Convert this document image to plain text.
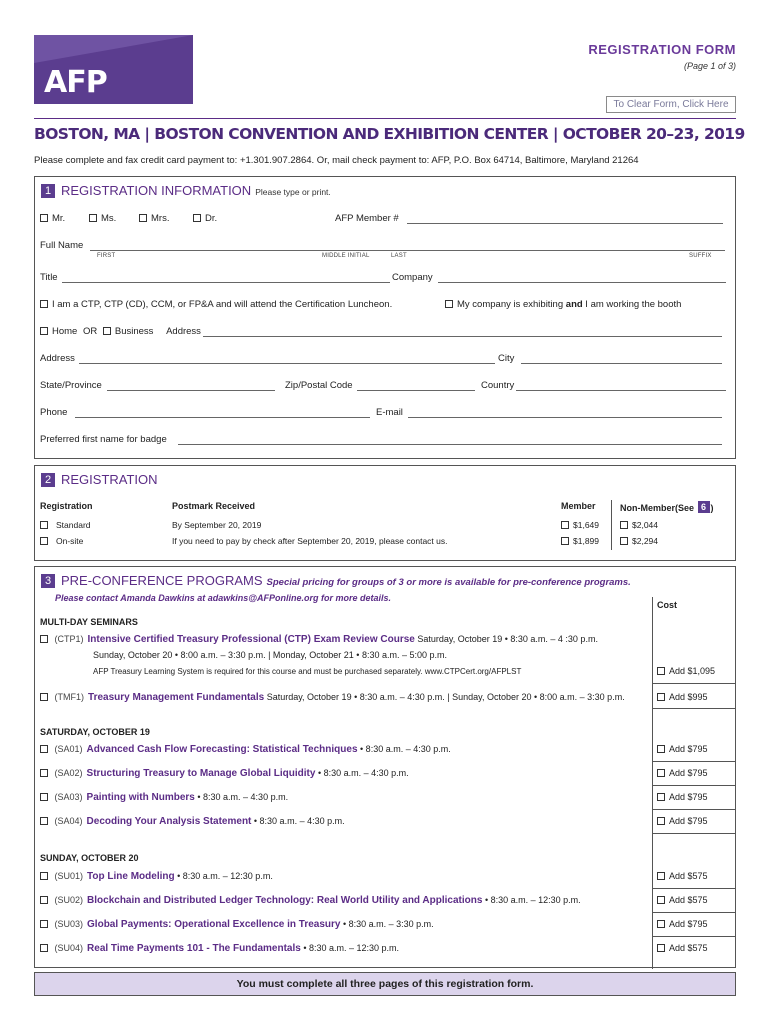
AFP 2019
REGISTRATION FORM
(Page 1 of 3)
To Clear Form, Click Here
BOSTON, MA | BOSTON CONVENTION AND EXHIBITION CENTER | OCTOBER 20–23, 2019
Please complete and fax credit card payment to: +1.301.907.2864. Or, mail check payment to: AFP, P.O. Box 64714, Baltimore, Maryland 21264
1 REGISTRATION INFORMATION Please type or print.
Mr.	Ms.	Mrs.	Dr.	AFP Member #
Full Name
FIRST	MIDDLE INITIAL	LAST	SUFFIX
Title	Company
I am a CTP, CTP (CD), CCM, or FP&A and will attend the Certification Luncheon.	My company is exhibiting and I am working the booth
Home OR Business Address
Address	City
State/Province	Zip/Postal Code	Country
Phone	E-mail
Preferred first name for badge
2 REGISTRATION
Registration	Postmark Received	Member	Non-Member(See 6 )
Standard	By September 20, 2019	$1,649	$2,044
On-site	If you need to pay by check after September 20, 2019, please contact us.	$1,899	$2,294
3 PRE-CONFERENCE PROGRAMS Special pricing for groups of 3 or more is available for pre-conference programs.
Please contact Amanda Dawkins at adawkins@AFPonline.org for more details.
Cost
MULTI-DAY SEMINARS
(CTP1) Intensive Certified Treasury Professional (CTP) Exam Review Course Saturday, October 19 • 8:30 a.m. – 4 :30 p.m.
Sunday, October 20 • 8:00 a.m. – 3:30 p.m. | Monday, October 21 • 8:30 a.m. – 5:00 p.m.
AFP Treasury Learning System is required for this course and must be purchased separately. www.CTPCert.org/AFPLST	Add $1,095
(TMF1) Treasury Management Fundamentals Saturday, October 19 • 8:30 a.m. – 4:30 p.m. | Sunday, October 20 • 8:00 a.m. – 3:30 p.m.	Add $995
SATURDAY, OCTOBER 19
(SA01) Advanced Cash Flow Forecasting: Statistical Techniques • 8:30 a.m. – 4:30 p.m.	Add $795
(SA02) Structuring Treasury to Manage Global Liquidity • 8:30 a.m. – 4:30 p.m.	Add $795
(SA03) Painting with Numbers • 8:30 a.m. – 4:30 p.m.	Add $795
(SA04) Decoding Your Analysis Statement • 8:30 a.m. – 4:30 p.m.	Add $795
SUNDAY, OCTOBER 20
(SU01) Top Line Modeling • 8:30 a.m. – 12:30 p.m.	Add $575
(SU02) Blockchain and Distributed Ledger Technology: Real World Utility and Applications • 8:30 a.m. – 12:30 p.m.	Add $575
(SU03) Global Payments: Operational Excellence in Treasury • 8:30 a.m. – 3:30 p.m.	Add $795
(SU04) Real Time Payments 101 - The Fundamentals • 8:30 a.m. – 12:30 p.m.	Add $575
You must complete all three pages of this registration form.
